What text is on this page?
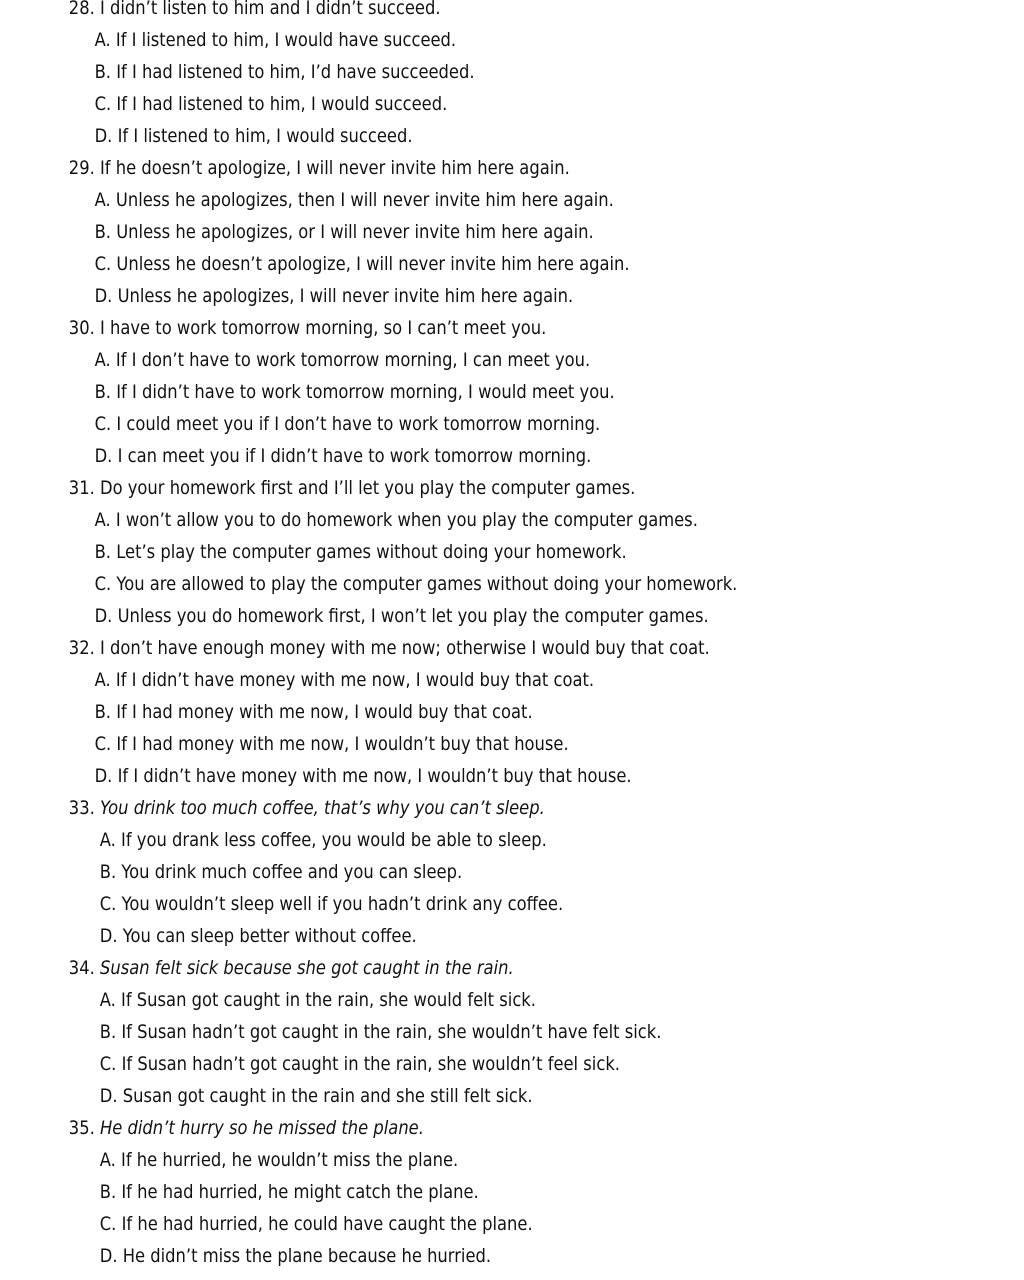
28. I didn’t listen to him and I didn’t succeed.
A. If I listened to him, I would have succeed.
B. If I had listened to him, I’d have succeeded.
C. If I had listened to him, I would succeed.
D. If I listened to him, I would succeed.
29. If he doesn’t apologize, I will never invite him here again.
A. Unless he apologizes, then I will never invite him here again.
B. Unless he apologizes, or I will never invite him here again.
C. Unless he doesn’t apologize, I will never invite him here again.
D. Unless he apologizes, I will never invite him here again.
30. I have to work tomorrow morning, so I can’t meet you.
A. If I don’t have to work tomorrow morning, I can meet you.
B. If I didn’t have to work tomorrow morning, I would meet you.
C. I could meet you if I don’t have to work tomorrow morning.
D. I can meet you if I didn’t have to work tomorrow morning.
31. Do your homework first and I’ll let you play the computer games.
A. I won’t allow you to do homework when you play the computer games.
B. Let’s play the computer games without doing your homework.
C. You are allowed to play the computer games without doing your homework.
D. Unless you do homework first, I won’t let you play the computer games.
32. I don’t have enough money with me now; otherwise I would buy that coat.
A. If I didn’t have money with me now, I would buy that coat.
B. If I had money with me now, I would buy that coat.
C. If I had money with me now, I wouldn’t buy that house.
D. If I didn’t have money with me now, I wouldn’t buy that house.
33. You drink too much coffee, that’s why you can’t sleep.
A. If you drank less coffee, you would be able to sleep.
B. You drink much coffee and you can sleep.
C. You wouldn’t sleep well if you hadn’t drink any coffee.
D. You can sleep better without coffee.
34. Susan felt sick because she got caught in the rain.
A. If Susan got caught in the rain, she would felt sick.
B. If Susan hadn’t got caught in the rain, she wouldn’t have felt sick.
C. If Susan hadn’t got caught in the rain, she wouldn’t feel sick.
D. Susan got caught in the rain and she still felt sick.
35. He didn’t hurry so he missed the plane.
A. If he hurried, he wouldn’t miss the plane.
B. If he had hurried, he might catch the plane.
C. If he had hurried, he could have caught the plane.
D. He didn’t miss the plane because he hurried.
